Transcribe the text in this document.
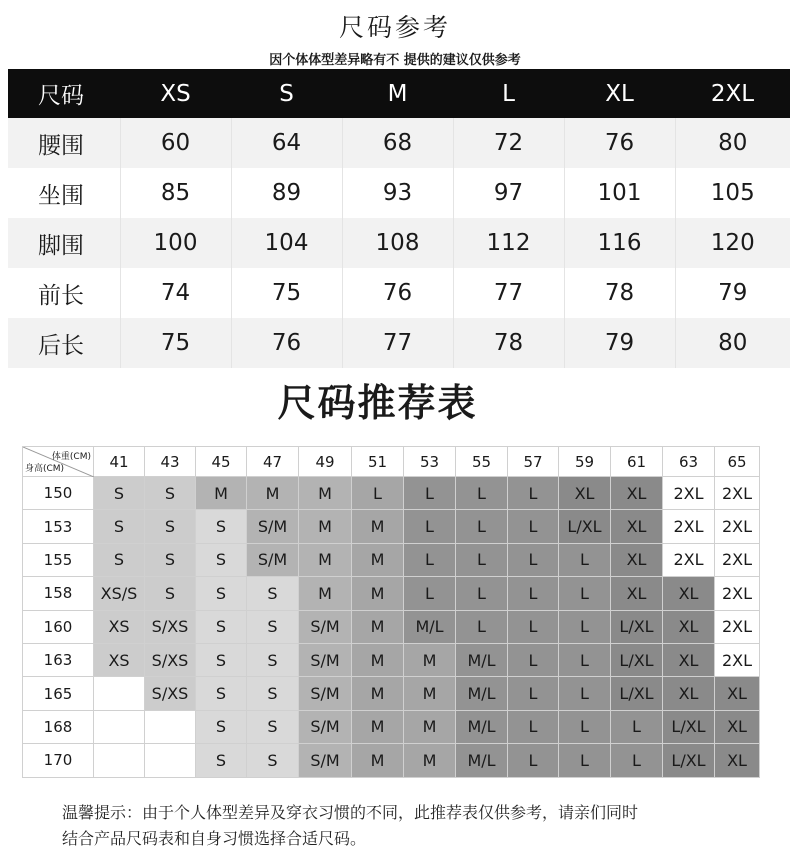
尺码参考
因个体体型差异略有不 提供的建议仅供参考
尺码	XS	S	M	L	XL	2XL
腰围	60	64	68	72	76	80
坐围	85	89	93	97	101	105
脚围	100	104	108	112	116	120
前长	74	75	76	77	78	79
后长	75	76	77	78	79	80
尺码推荐表
体重(CM)
身高(CM)	41	43	45	47	49	51	53	55	57	59	61	63	65
150	S	S	M	M	M	L	L	L	L	XL	XL	2XL	2XL
153	S	S	S	S/M	M	M	L	L	L	L/XL	XL	2XL	2XL
155	S	S	S	S/M	M	M	L	L	L	L	XL	2XL	2XL
158	XS/S	S	S	S	M	M	L	L	L	L	XL	XL	2XL
160	XS	S/XS	S	S	S/M	M	M/L	L	L	L	L/XL	XL	2XL
163	XS	S/XS	S	S	S/M	M	M	M/L	L	L	L/XL	XL	2XL
165		S/XS	S	S	S/M	M	M	M/L	L	L	L/XL	XL	XL
168			S	S	S/M	M	M	M/L	L	L	L	L/XL	XL
170			S	S	S/M	M	M	M/L	L	L	L	L/XL	XL
温馨提示：由于个人体型差异及穿衣习惯的不同，此推荐表仅供参考，请亲们同时
结合产品尺码表和自身习惯选择合适尺码。
